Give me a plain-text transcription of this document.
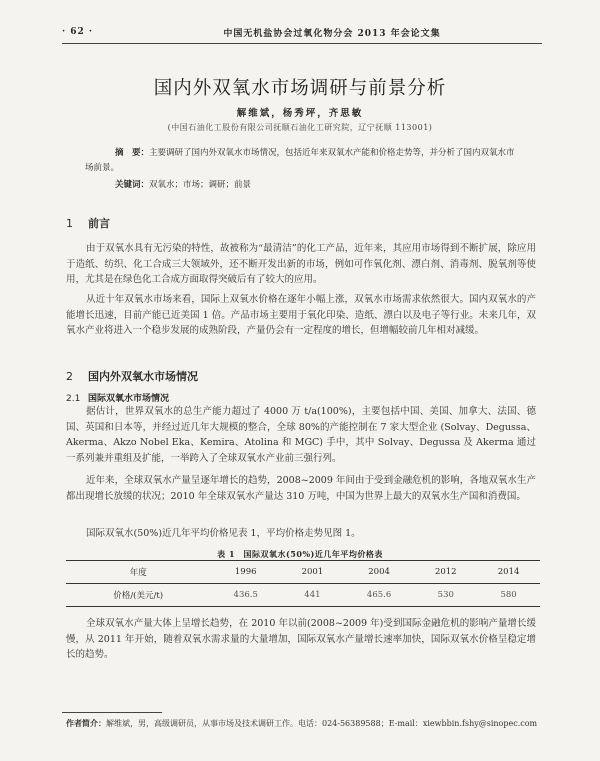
· 62 ·	中国无机盐协会过氧化物分会 2013 年会论文集
国内外双氧水市场调研与前景分析
解维斌，杨秀坪，齐思敏
(中国石油化工股份有限公司抚顺石油化工研究院，辽宁抚顺 113001)
摘　要：主要调研了国内外双氧水市场情况，包括近年来双氧水产能和价格走势等，并分析了国内双氧水市场前景。
关键词：双氧水；市场；调研；前景
1 前言
由于双氧水具有无污染的特性，故被称为“最清洁”的化工产品，近年来，其应用市场得到不断扩展，除应用于造纸、纺织、化工合成三大领域外，还不断开发出新的市场，例如可作氧化剂、漂白剂、消毒剂、脱氧剂等使用，尤其是在绿色化工合成方面取得突破后有了较大的应用。
从近十年双氧水市场来看，国际上双氧水价格在逐年小幅上涨，双氧水市场需求依然很大。国内双氧水的产能增长迅速，目前产能已近美国 1 倍。产品市场主要用于氧化印染、造纸、漂白以及电子等行业。未来几年，双氧水产业将进入一个稳步发展的成熟阶段，产量仍会有一定程度的增长，但增幅较前几年相对减缓。
2 国内外双氧水市场情况
2.1 国际双氧水市场情况
据估计，世界双氧水的总生产能力超过了 4000 万 t/a(100%)，主要包括中国、美国、加拿大、法国、德国、英国和日本等，并经过近几年大规模的整合，全球 80%的产能控制在 7 家大型企业 (Solvay、Degussa、Akerma、Akzo Nobel Eka、Kemira、Atolina 和 MGC) 手中，其中 Solvay、Degussa 及 Akerma 通过一系列兼并重组及扩能，一举跨入了全球双氧水产业前三强行列。
近年来，全球双氧水产量呈逐年增长的趋势，2008~2009 年间由于受到金融危机的影响，各地双氧水生产都出现增长放缓的状况；2010 年全球双氧水产量达 310 万吨，中国为世界上最大的双氧水生产国和消费国。
国际双氧水(50%)近几年平均价格见表 1，平均价格走势见图 1。
表 1　国际双氧水(50%)近几年平均价格表
年度	1996	2001	2004	2012	2014
价格/(美元/t)	436.5	441	465.6	530	580
全球双氧水产量大体上呈增长趋势，在 2010 年以前(2008~2009 年)受到国际金融危机的影响产量增长缓慢，从 2011 年开始，随着双氧水需求量的大量增加，国际双氧水产量增长速率加快，国际双氧水价格呈稳定增长的趋势。
作者简介：解维斌，男，高级调研员，从事市场及技术调研工作。电话：024-56389588；E-mail：xiewbbin.fshy@sinopec.com
